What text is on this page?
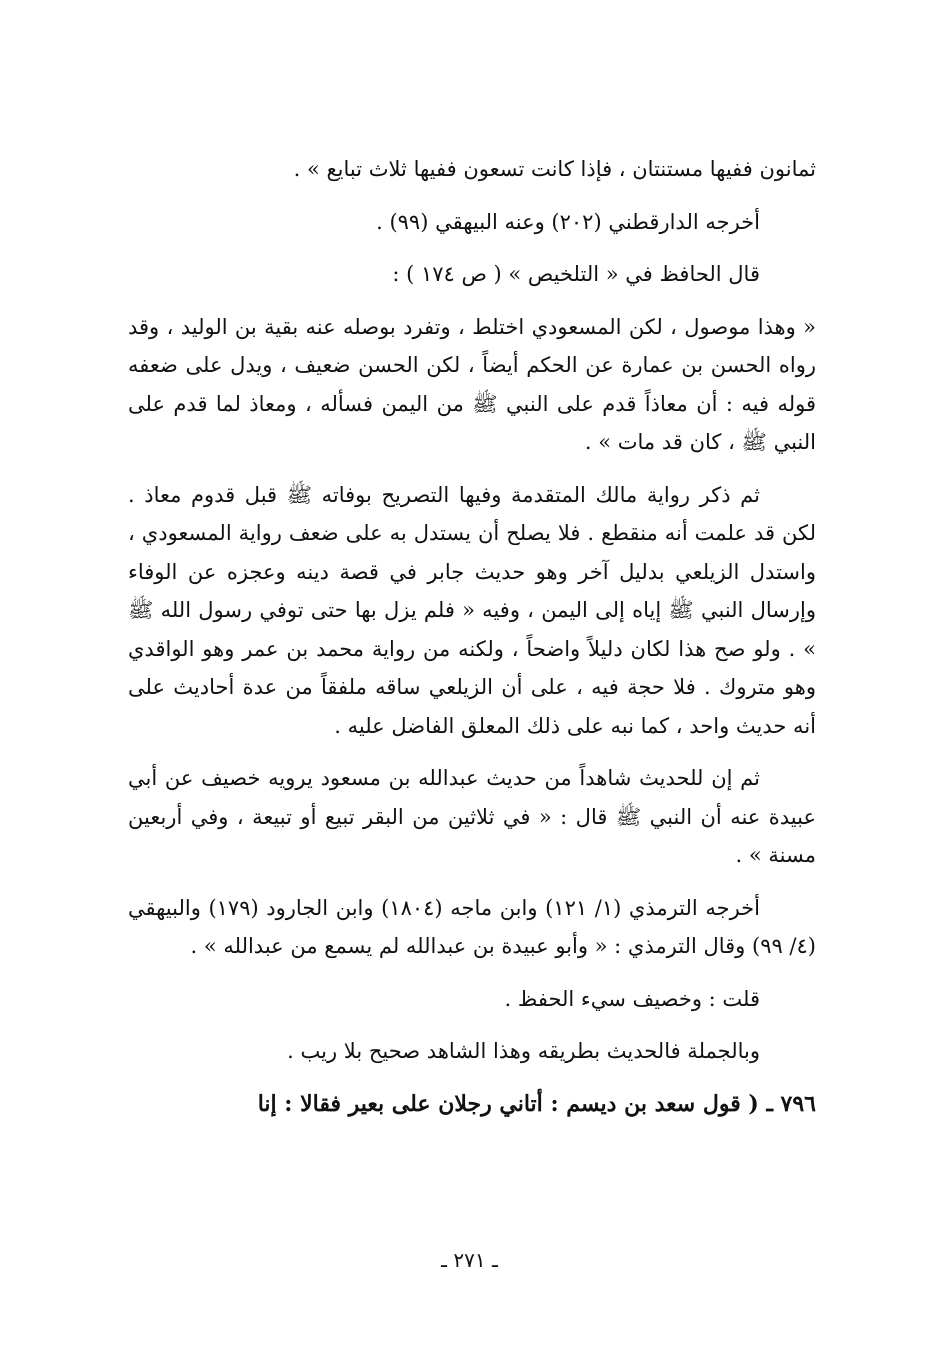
ثمانون ففيها مستنتان ، فإذا كانت تسعون ففيها ثلاث تبايع » .

أخرجه الدارقطني (٢٠٢) وعنه البيهقي (٩٩) .

قال الحافظ في « التلخيص » ( ص ١٧٤ ) :

« وهذا موصول ، لكن المسعودي اختلط ، وتفرد بوصله عنه بقية بن الوليد ، وقد رواه الحسن بن عمارة عن الحكم أيضاً ، لكن الحسن ضعيف ، ويدل على ضعفه قوله فيه : أن معاذاً قدم على النبي ﷺ من اليمن فسأله ، ومعاذ لما قدم على النبي ﷺ ، كان قد مات » .

ثم ذكر رواية مالك المتقدمة وفيها التصريح بوفاته ﷺ قبل قدوم معاذ . لكن قد علمت أنه منقطع . فلا يصلح أن يستدل به على ضعف رواية المسعودي ، واستدل الزيلعي بدليل آخر وهو حديث جابر في قصة دينه وعجزه عن الوفاء وإرسال النبي ﷺ إياه إلى اليمن ، وفيه « فلم يزل بها حتى توفي رسول الله ﷺ » . ولو صح هذا لكان دليلاً واضحاً ، ولكنه من رواية محمد بن عمر وهو الواقدي وهو متروك . فلا حجة فيه ، على أن الزيلعي ساقه ملفقاً من عدة أحاديث على أنه حديث واحد ، كما نبه على ذلك المعلق الفاضل عليه .

ثم إن للحديث شاهداً من حديث عبدالله بن مسعود يرويه خصيف عن أبي عبيدة عنه أن النبي ﷺ قال : « في ثلاثين من البقر تبيع أو تبيعة ، وفي أربعين مسنة » .

أخرجه الترمذي (١/ ١٢١) وابن ماجه (١٨٠٤) وابن الجارود (١٧٩) والبيهقي (٤/ ٩٩) وقال الترمذي : « وأبو عبيدة بن عبدالله لم يسمع من عبدالله » .

قلت : وخصيف سيء الحفظ .

وبالجملة فالحديث بطريقه وهذا الشاهد صحيح بلا ريب .

٧٩٦ ـ ( قول سعد بن ديسم : أتاني رجلان على بعير فقالا : إنا

ـ ٢٧١ ـ
